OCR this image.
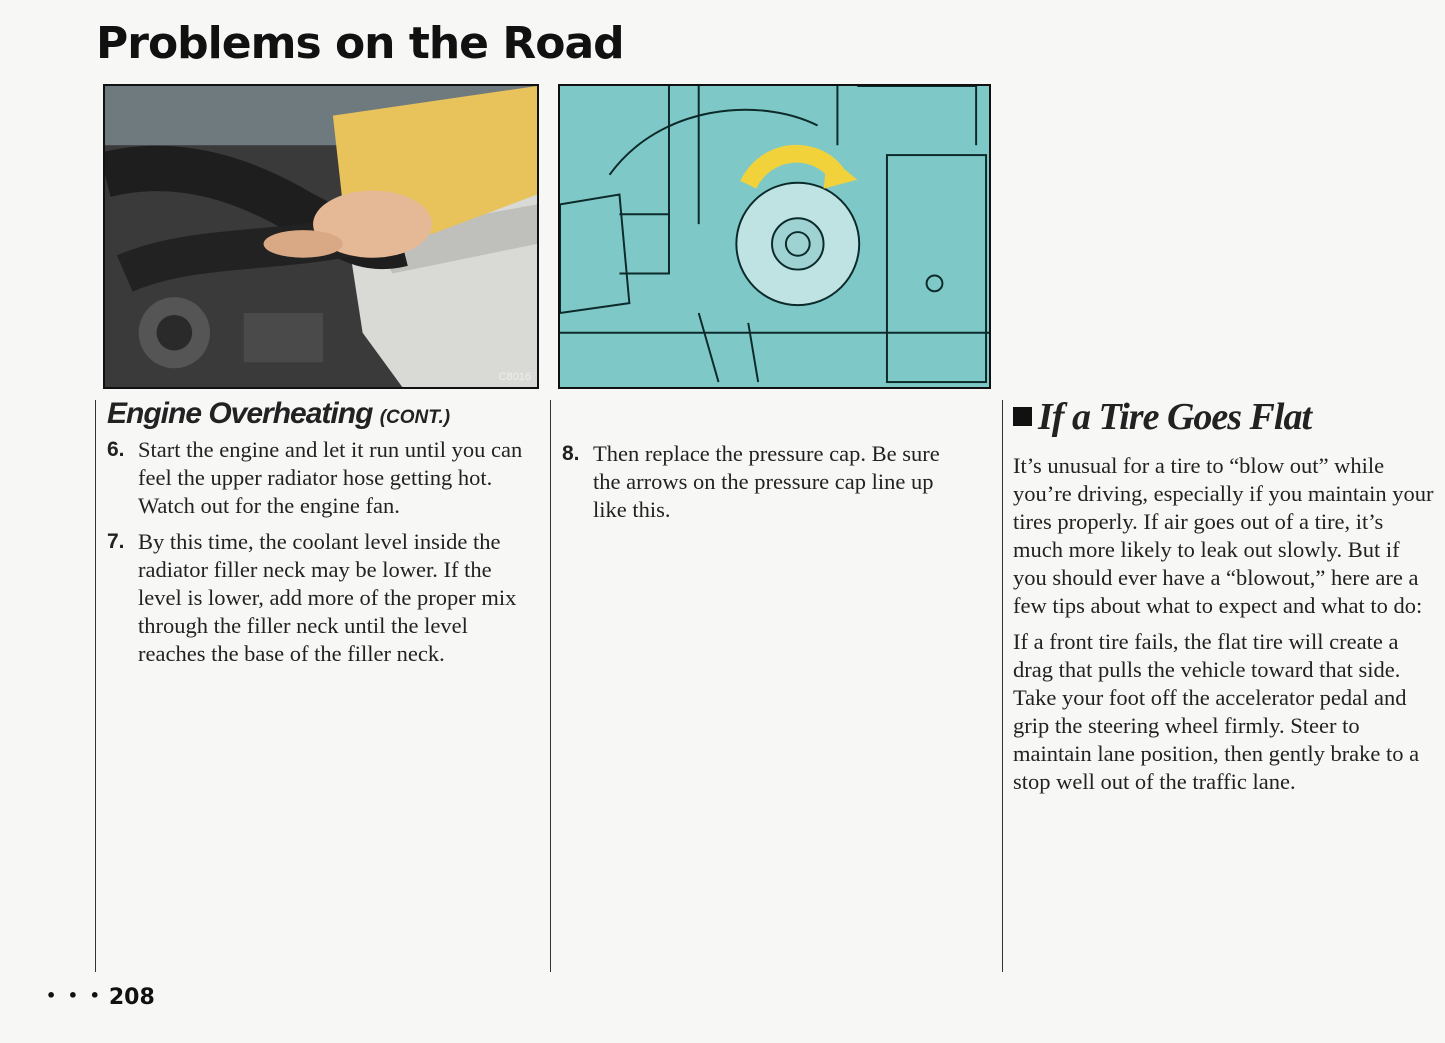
Problems on the Road
C8016
Engine Overheating (CONT.)
6. Start the engine and let it run until you can feel the upper radiator hose getting hot. Watch out for the engine fan.
7. By this time, the coolant level inside the radiator filler neck may be lower. If the level is lower, add more of the proper mix through the filler neck until the level reaches the base of the filler neck.
8. Then replace the pressure cap. Be sure the arrows on the pressure cap line up like this.
If a Tire Goes Flat

It’s unusual for a tire to “blow out” while you’re driving, especially if you maintain your tires properly. If air goes out of a tire, it’s much more likely to leak out slowly. But if you should ever have a “blowout,” here are a few tips about what to expect and what to do:

If a front tire fails, the flat tire will create a drag that pulls the vehicle toward that side. Take your foot off the accelerator pedal and grip the steering wheel firmly. Steer to maintain lane position, then gently brake to a stop well out of the traffic lane.

• • • 208
